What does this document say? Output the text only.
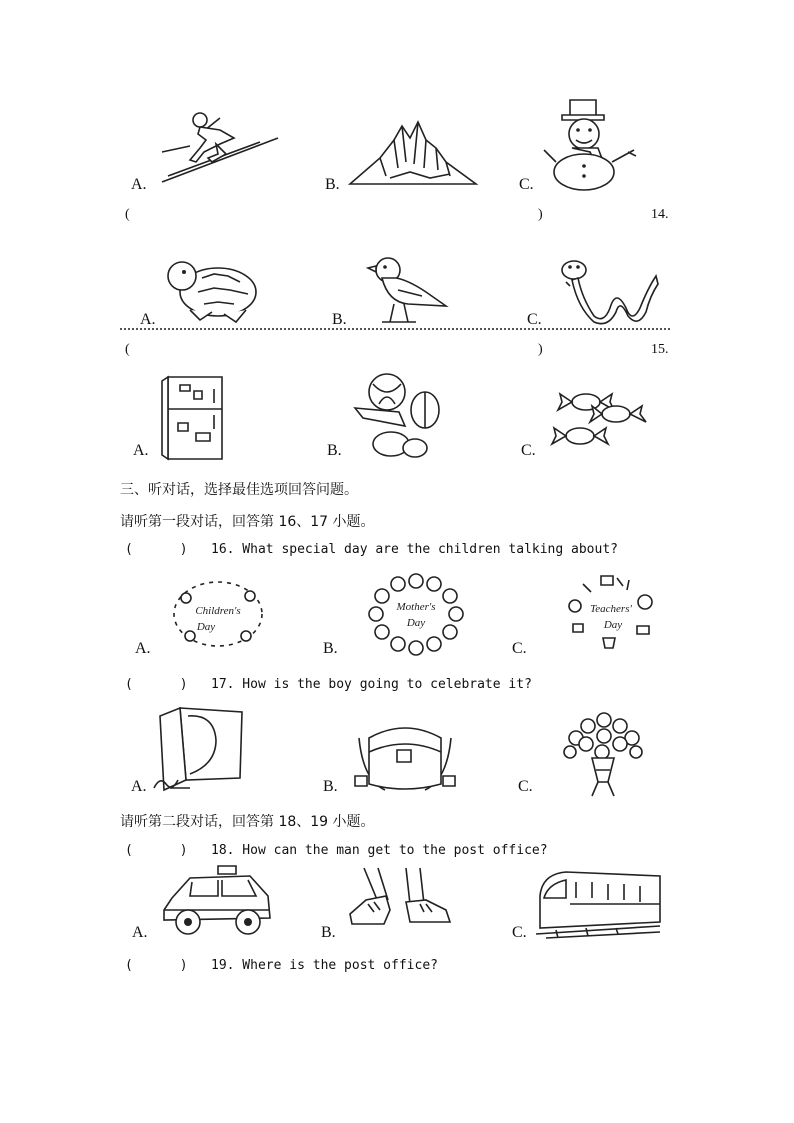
A.	B.	C.
(	)	14.
A.	B.	C.
(	)	15.
A.	B.	C.
三、听对话，选择最佳选项回答问题。
请听第一段对话，回答第 16、17 小题。
(      ) 16. What special day are the children talking about?
Children's
Day
A.
Mother's
Day
B.
Teachers'
Day
C.
(      ) 17. How is the boy going to celebrate it?
A.	B.	C.
请听第二段对话，回答第 18、19 小题。
(      ) 18. How can the man get to the post office?
A.	B.	C.
(      ) 19. Where is the post office?
